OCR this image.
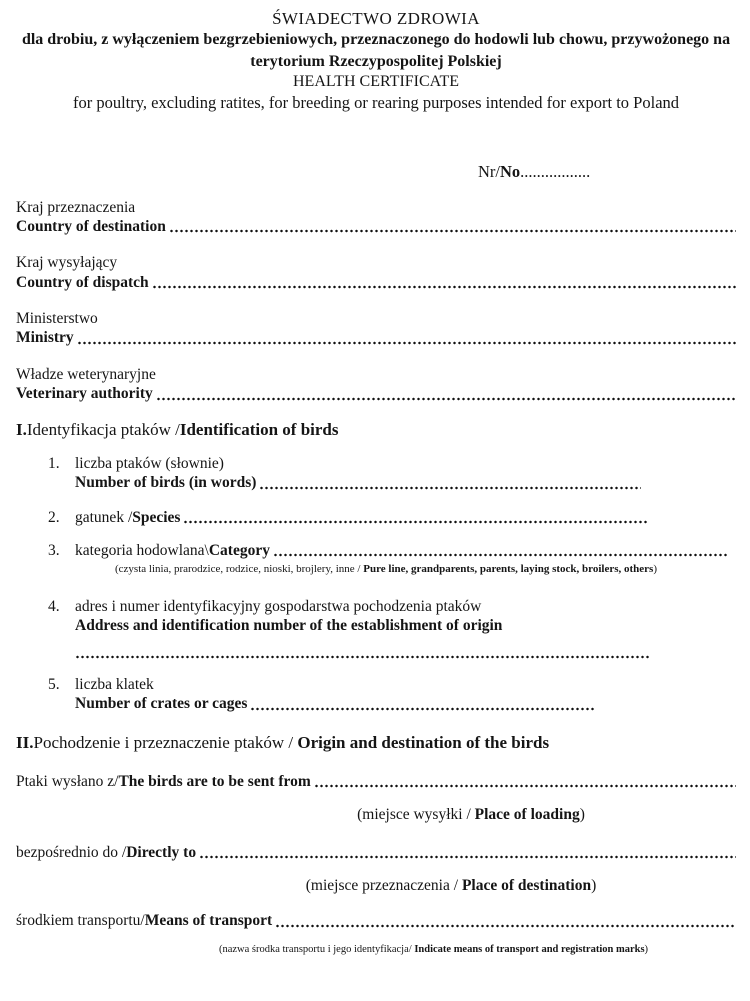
ŚWIADECTWO ZDROWIA
dla drobiu, z wyłączeniem bezgrzebieniowych, przeznaczonego do hodowli lub chowu, przywożonego na terytorium Rzeczypospolitej Polskiej
HEALTH CERTIFICATE
for poultry, excluding ratites, for breeding or rearing purposes intended for export to Poland
Nr/No.................
Kraj przeznaczenia
Country of destination
Kraj wysyłający
Country of dispatch
Ministerstwo
Ministry
Władze weterynaryjne
Veterinary authority
I.Identyfikacja ptaków /Identification of birds
1. liczba ptaków (słownie)
Number of birds (in words)
2. gatunek / Species
3. kategoria hodowlana\ Category
(czysta linia, prarodzice, rodzice, nioski, brojlery, inne / Pure line, grandparents, parents, laying stock, broilers, others)
4. adres i numer identyfikacyjny gospodarstwa pochodzenia ptaków
Address and identification number of the establishment of origin
5. liczba klatek
Number of crates or cages
II.Pochodzenie i przeznaczenie ptaków / Origin and destination of the birds
Ptaki wysłano z/ The birds are to be sent from
(miejsce wysyłki / Place of loading)
bezpośrednio do / Directly to
(miejsce przeznaczenia / Place of destination)
środkiem transportu/ Means of transport
(nazwa środka transportu i jego identyfikacja/ Indicate means of transport and registration marks)
